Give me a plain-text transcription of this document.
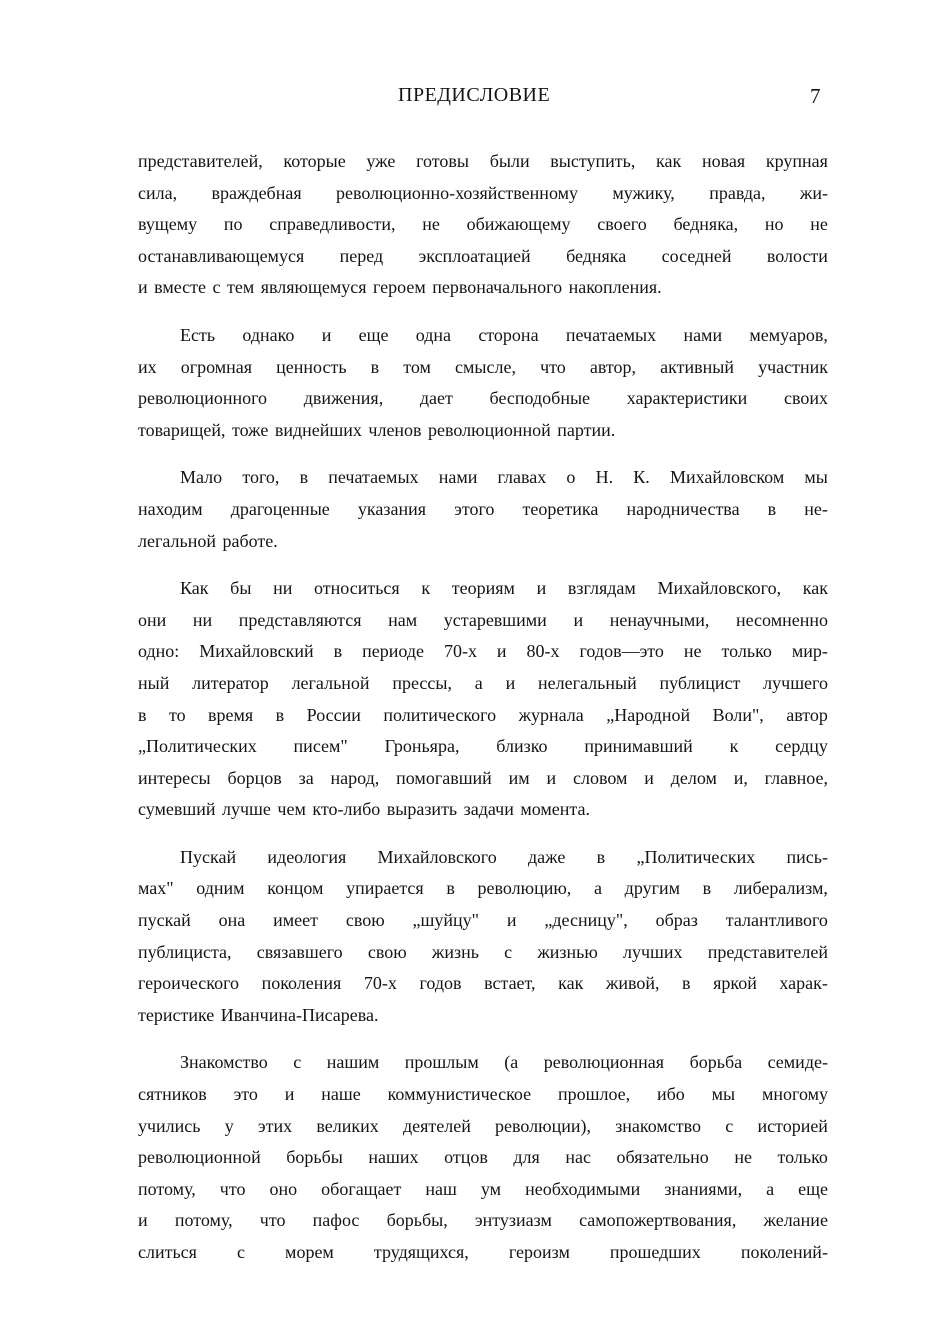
ПРЕДИСЛОВИЕ	7
представителей, которые уже готовы были выступить, как новая крупная
сила, враждебная революционно-хозяйственному мужику, правда, жи-
вущему по справедливости, не обижающему своего бедняка, но не
останавливающемуся перед эксплоатацией бедняка соседней волости
и вместе с тем являющемуся героем первоначального накопления.
Есть однако и еще одна сторона печатаемых нами мемуаров,
их огромная ценность в том смысле, что автор, активный участник
революционного движения, дает бесподобные характеристики своих
товарищей, тоже виднейших членов революционной партии.
Мало того, в печатаемых нами главах о Н. К. Михайловском мы
находим драгоценные указания этого теоретика народничества в не-
легальной работе.
Как бы ни относиться к теориям и взглядам Михайловского, как
они ни представляются нам устаревшими и ненаучными, несомненно
одно: Михайловский в периоде 70-х и 80-х годов—это не только мир-
ный литератор легальной прессы, а и нелегальный публицист лучшего
в то время в России политического журнала „Народной Воли", автор
„Политических писем" Гроньяра, близко принимавший к сердцу
интересы борцов за народ, помогавший им и словом и делом и, главное,
сумевший лучше чем кто-либо выразить задачи момента.
Пускай идеология Михайловского даже в „Политических пись-
мах" одним концом упирается в революцию, а другим в либерализм,
пускай она имеет свою „шуйцу" и „десницу", образ талантливого
публициста, связавшего свою жизнь с жизнью лучших представителей
героического поколения 70-х годов встает, как живой, в яркой харак-
теристике Иванчина-Писарева.
Знакомство с нашим прошлым (а революционная борьба семидe-
сятников это и наше коммунистическое прошлое, ибо мы многому
учились у этих великих деятелей революции), знакомство с историей
революционной борьбы наших отцов для нас обязательно не только
потому, что оно обогащает наш ум необходимыми знаниями, а еще
и потому, что пафос борьбы, энтузиазм самопожертвования, желание
слиться с морем трудящихся, героизм прошедших поколений-
